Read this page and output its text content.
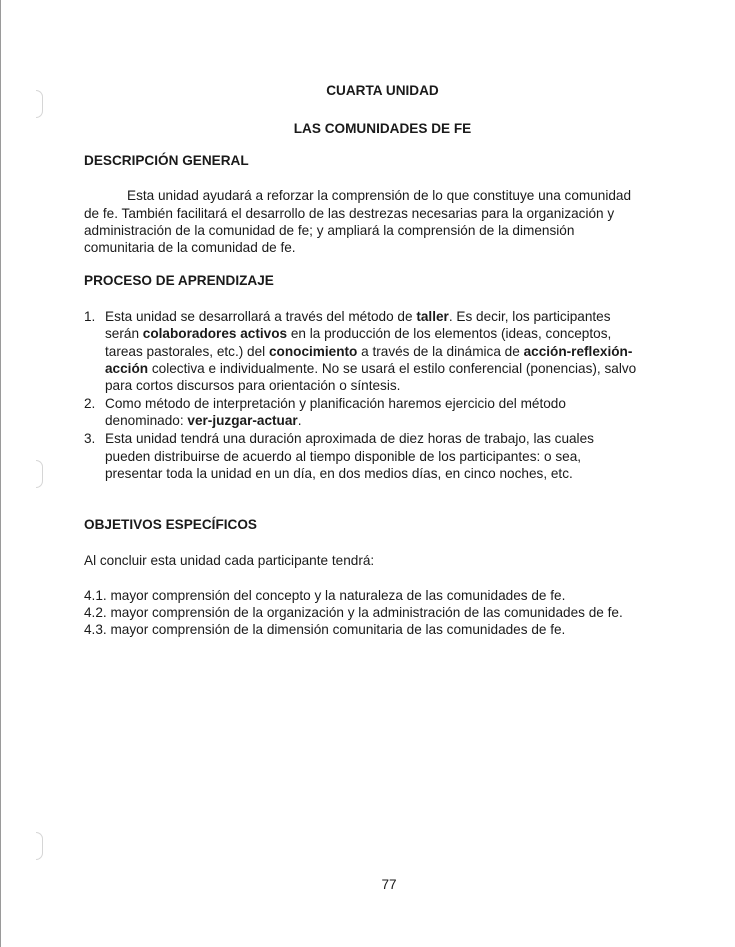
CUARTA UNIDAD
LAS COMUNIDADES DE FE
DESCRIPCIÓN GENERAL
Esta unidad ayudará a reforzar la comprensión de lo que constituye una comunidad
de fe. También facilitará el desarrollo de las destrezas necesarias para la organización y
administración de la comunidad de fe; y ampliará la comprensión de la dimensión
comunitaria de la comunidad de fe.
PROCESO DE APRENDIZAJE
1. Esta unidad se desarrollará a través del método de taller. Es decir, los participantes
serán colaboradores activos en la producción de los elementos (ideas, conceptos,
tareas pastorales, etc.) del conocimiento a través de la dinámica de acción-reflexión-
acción colectiva e individualmente. No se usará el estilo conferencial (ponencias), salvo
para cortos discursos para orientación o síntesis.
2. Como método de interpretación y planificación haremos ejercicio del método
denominado: ver-juzgar-actuar.
3. Esta unidad tendrá una duración aproximada de diez horas de trabajo, las cuales
pueden distribuirse de acuerdo al tiempo disponible de los participantes: o sea,
presentar toda la unidad en un día, en dos medios días, en cinco noches, etc.
OBJETIVOS ESPECÍFICOS
Al concluir esta unidad cada participante tendrá:
4.1. mayor comprensión del concepto y la naturaleza de las comunidades de fe.
4.2. mayor comprensión de la organización y la administración de las comunidades de fe.
4.3. mayor comprensión de la dimensión comunitaria de las comunidades de fe.
77
